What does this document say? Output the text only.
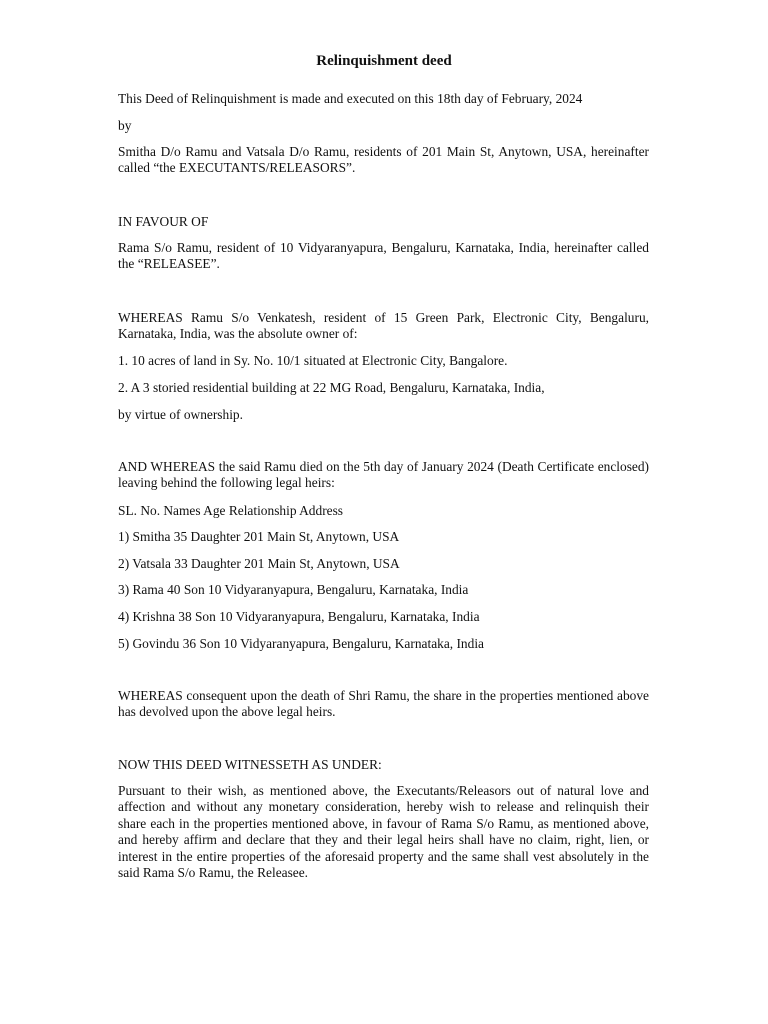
Relinquishment deed

This Deed of Relinquishment is made and executed on this 18th day of February, 2024

by

Smitha D/o Ramu and Vatsala D/o Ramu, residents of 201 Main St, Anytown, USA, hereinafter called “the EXECUTANTS/RELEASORS”.

IN FAVOUR OF

Rama S/o Ramu, resident of 10 Vidyaranyapura, Bengaluru, Karnataka, India, hereinafter called the “RELEASEE”.

WHEREAS Ramu S/o Venkatesh, resident of 15 Green Park, Electronic City, Bengaluru, Karnataka, India, was the absolute owner of:

1. 10 acres of land in Sy. No. 10/1 situated at Electronic City, Bangalore.

2. A 3 storied residential building at 22 MG Road, Bengaluru, Karnataka, India,

by virtue of ownership.

AND WHEREAS the said Ramu died on the 5th day of January 2024 (Death Certificate enclosed) leaving behind the following legal heirs:

SL. No. Names Age Relationship Address

1) Smitha 35 Daughter 201 Main St, Anytown, USA

2) Vatsala 33 Daughter 201 Main St, Anytown, USA

3) Rama 40 Son 10 Vidyaranyapura, Bengaluru, Karnataka, India

4) Krishna 38 Son 10 Vidyaranyapura, Bengaluru, Karnataka, India

5) Govindu 36 Son 10 Vidyaranyapura, Bengaluru, Karnataka, India

WHEREAS consequent upon the death of Shri Ramu, the share in the properties mentioned above has devolved upon the above legal heirs.

NOW THIS DEED WITNESSETH AS UNDER:

Pursuant to their wish, as mentioned above, the Executants/Releasors out of natural love and affection and without any monetary consideration, hereby wish to release and relinquish their share each in the properties mentioned above, in favour of Rama S/o Ramu, as mentioned above, and hereby affirm and declare that they and their legal heirs shall have no claim, right, lien, or interest in the entire properties of the aforesaid property and the same shall vest absolutely in the said Rama S/o Ramu, the Releasee.
